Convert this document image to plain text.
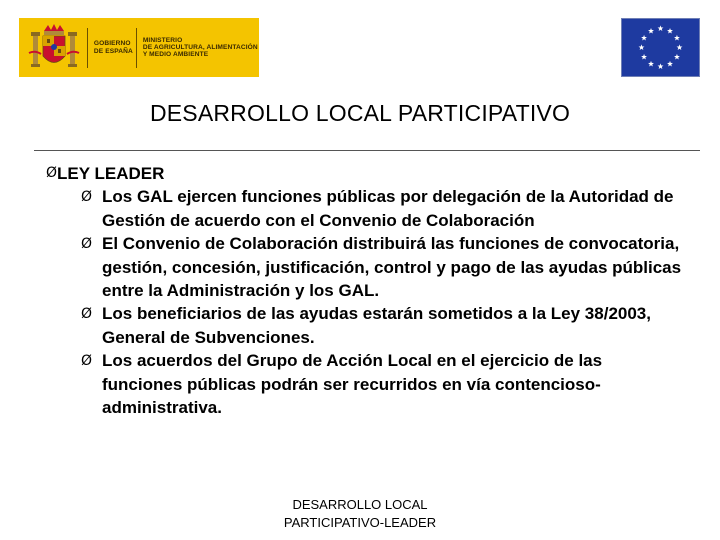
GOBIERNO
DE ESPAÑA
MINISTERIO
DE AGRICULTURA, ALIMENTACIÓN
Y MEDIO AMBIENTE
DESARROLLO LOCAL PARTICIPATIVO
Ø LEY LEADER
Ø Los GAL ejercen funciones públicas por delegación de la Autoridad de Gestión de acuerdo con el Convenio de Colaboración
Ø El Convenio de Colaboración distribuirá las funciones de convocatoria, gestión, concesión, justificación, control y pago de las ayudas públicas entre la Administración y los GAL.
Ø Los beneficiarios de las ayudas estarán sometidos a la Ley 38/2003, General de Subvenciones.
Ø Los acuerdos del Grupo de Acción Local en el ejercicio de las funciones públicas podrán ser recurridos en vía contencioso-administrativa.
DESARROLLO LOCAL
PARTICIPATIVO-LEADER
